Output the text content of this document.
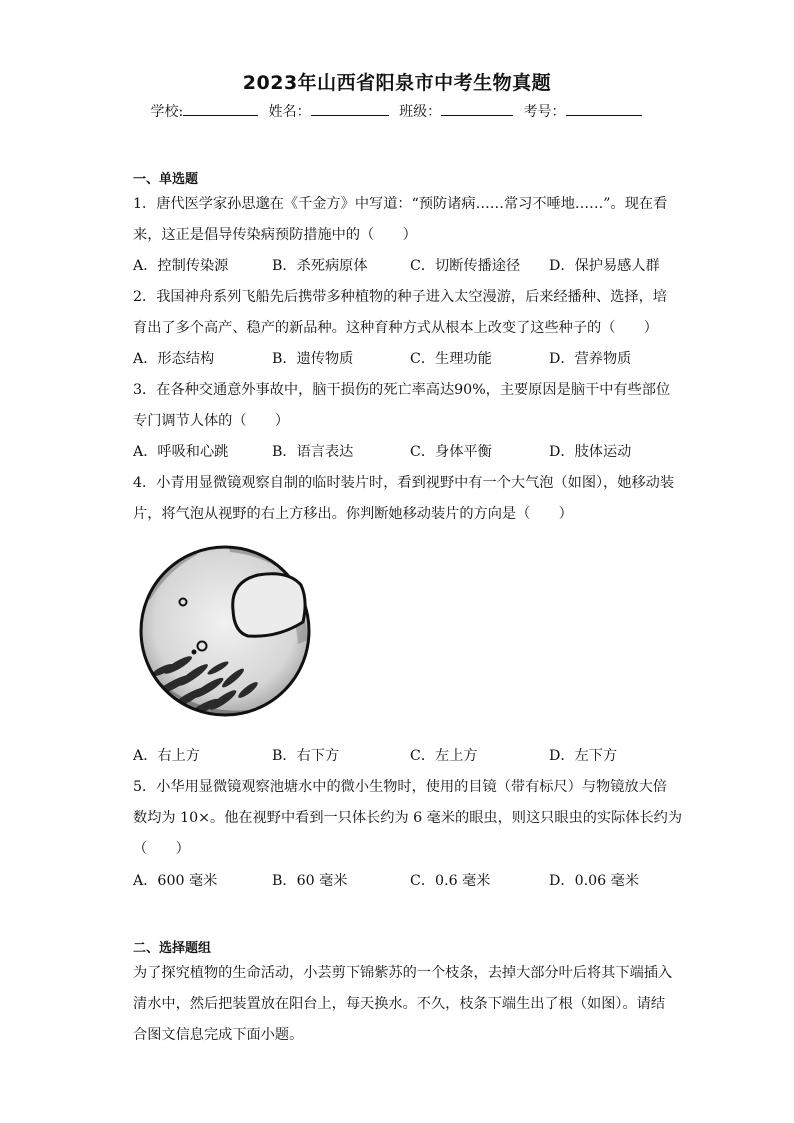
2023年山西省阳泉市中考生物真题
学校:	姓名：	班级：	考号：
一、单选题
1．唐代医学家孙思邈在《千金方》中写道：“预防诸病……常习不唾地……”。现在看
来，这正是倡导传染病预防措施中的（　　）
A．控制传染源	B．杀死病原体	C．切断传播途径 D．保护易感人群
2．我国神舟系列飞船先后携带多种植物的种子进入太空漫游，后来经播种、选择，培
育出了多个高产、稳产的新品种。这种育种方式从根本上改变了这些种子的（　　）
A．形态结构	B．遗传物质	C．生理功能	D．营养物质
3．在各种交通意外事故中，脑干损伤的死亡率高达90%，主要原因是脑干中有些部位
专门调节人体的（　　）
A．呼吸和心跳	B．语言表达	C．身体平衡	D．肢体运动
4．小青用显微镜观察自制的临时装片时，看到视野中有一个大气泡（如图），她移动装
片，将气泡从视野的右上方移出。你判断她移动装片的方向是（　　）
A．右上方	B．右下方	C．左上方	D．左下方
5．小华用显微镜观察池塘水中的微小生物时，使用的目镜（带有标尺）与物镜放大倍
数均为 10×。他在视野中看到一只体长约为 6 毫米的眼虫，则这只眼虫的实际体长约为
（　　）
A．600 毫米	B．60 毫米	C．0.6 毫米	D．0.06 毫米
二、选择题组
为了探究植物的生命活动，小芸剪下锦紫苏的一个枝条，去掉大部分叶后将其下端插入
清水中，然后把装置放在阳台上，每天换水。不久，枝条下端生出了根（如图）。请结
合图文信息完成下面小题。
